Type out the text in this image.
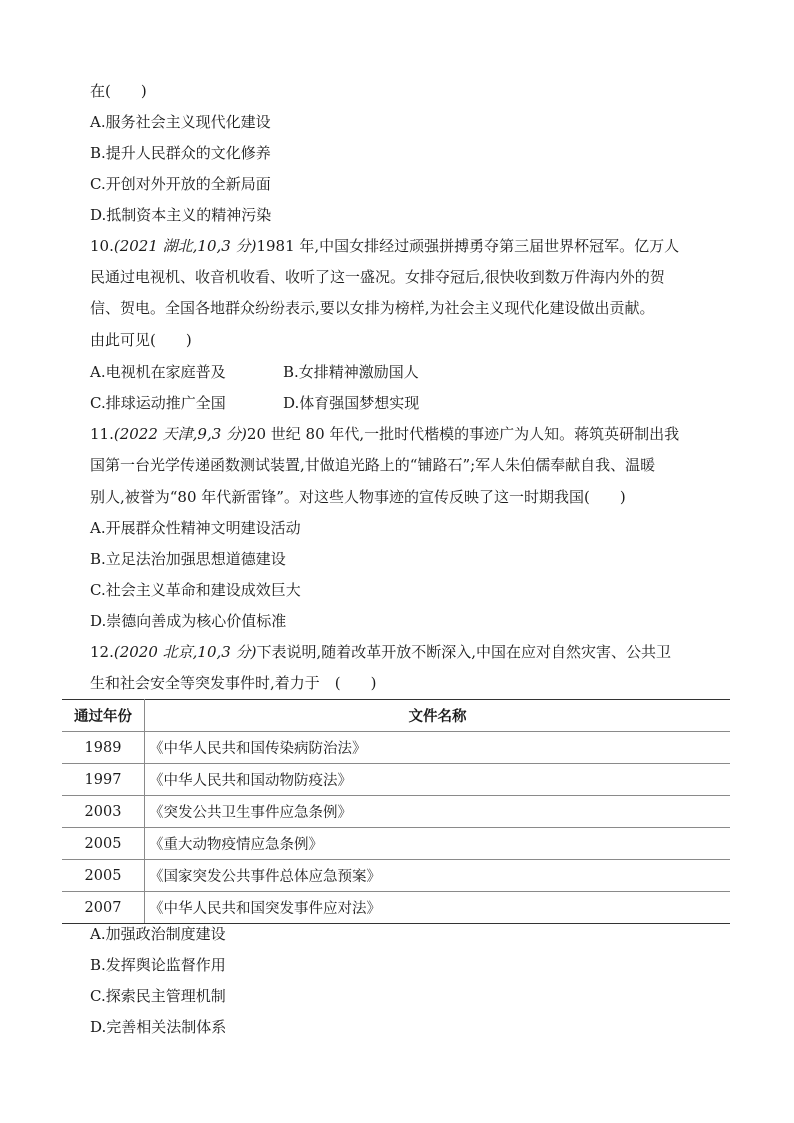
在(　　)
A.服务社会主义现代化建设
B.提升人民群众的文化修养
C.开创对外开放的全新局面
D.抵制资本主义的精神污染
10.(2021 湖北,10,3 分)1981 年,中国女排经过顽强拼搏勇夺第三届世界杯冠军。亿万人
民通过电视机、收音机收看、收听了这一盛况。女排夺冠后,很快收到数万件海内外的贺
信、贺电。全国各地群众纷纷表示,要以女排为榜样,为社会主义现代化建设做出贡献。
由此可见(　　)
A.电视机在家庭普及	B.女排精神激励国人
C.排球运动推广全国	D.体育强国梦想实现
11.(2022 天津,9,3 分)20 世纪 80 年代,一批时代楷模的事迹广为人知。蒋筑英研制出我
国第一台光学传递函数测试装置,甘做追光路上的“铺路石”;军人朱伯儒奉献自我、温暖
别人,被誉为“80 年代新雷锋”。对这些人物事迹的宣传反映了这一时期我国(　　)
A.开展群众性精神文明建设活动
B.立足法治加强思想道德建设
C.社会主义革命和建设成效巨大
D.崇德向善成为核心价值标准
12.(2020 北京,10,3 分)下表说明,随着改革开放不断深入,中国在应对自然灾害、公共卫
生和社会安全等突发事件时,着力于　(　　)
通过年份	文件名称
1989	《中华人民共和国传染病防治法》
1997	《中华人民共和国动物防疫法》
2003	《突发公共卫生事件应急条例》
2005	《重大动物疫情应急条例》
2005	《国家突发公共事件总体应急预案》
2007	《中华人民共和国突发事件应对法》
A.加强政治制度建设
B.发挥舆论监督作用
C.探索民主管理机制
D.完善相关法制体系
